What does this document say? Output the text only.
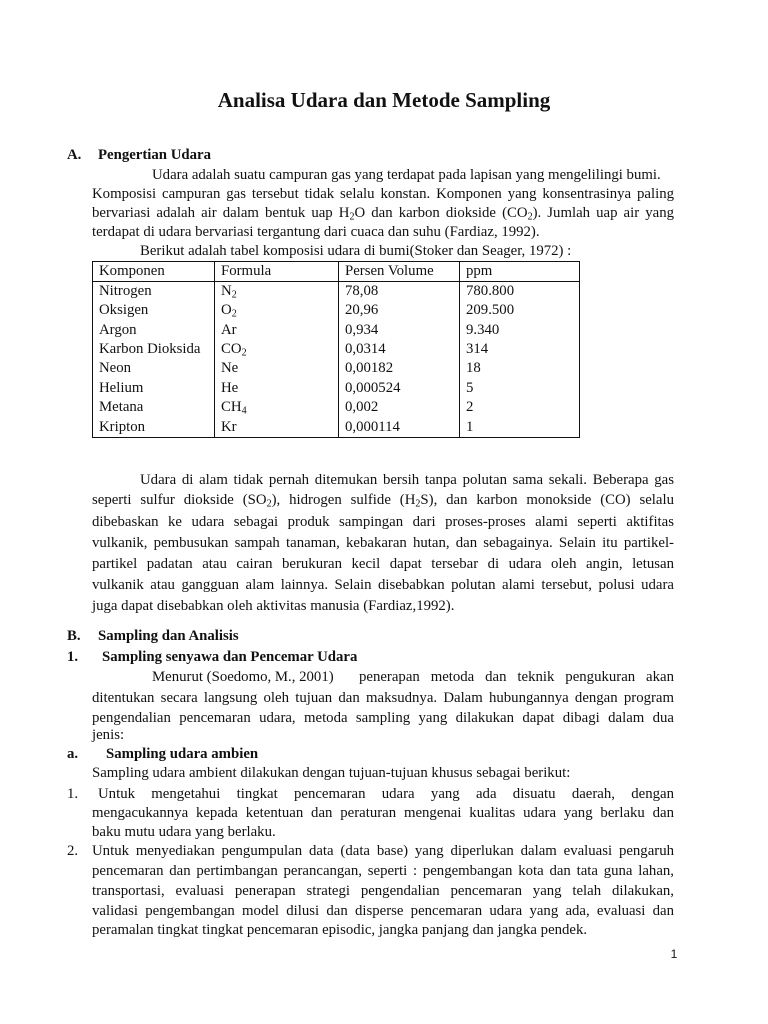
Analisa Udara dan Metode Sampling
A. Pengertian Udara
Udara adalah suatu campuran gas yang terdapat pada lapisan yang mengelilingi bumi.
Komposisi campuran gas tersebut tidak selalu konstan. Komponen yang konsentrasinya paling
bervariasi adalah air dalam bentuk uap $H_2O$ dan karbon diokside $(CO_2)$. Jumlah uap air yang
terdapat di udara bervariasi tergantung dari cuaca dan suhu (Fardiaz, 1992).
Berikut adalah tabel komposisi udara di bumi(Stoker dan Seager, 1972) :
Komponen	Formula	Persen Volume	ppm
Nitrogen	$N_2$	78,08	780.800
Oksigen	$O_2$	20,96	209.500
Argon	Ar	0,934	9.340
Karbon Dioksida	$CO_2$	0,0314	314
Neon	Ne	0,00182	18
Helium	He	0,000524	5
Metana	$CH_4$	0,002	2
Kripton	Kr	0,000114	1
Udara di alam tidak pernah ditemukan bersih tanpa polutan sama sekali. Beberapa gas
seperti sulfur diokside $(SO_2)$, hidrogen sulfide $(H_2S)$, dan karbon monokside (CO) selalu
dibebaskan ke udara sebagai produk sampingan dari proses-proses alami seperti aktifitas
vulkanik, pembusukan sampah tanaman, kebakaran hutan, dan sebagainya. Selain itu partikel-
partikel padatan atau cairan berukuran kecil dapat tersebar di udara oleh angin, letusan
vulkanik atau gangguan alam lainnya. Selain disebabkan polutan alami tersebut, polusi udara
juga dapat disebabkan oleh aktivitas manusia (Fardiaz,1992).
B. Sampling dan Analisis
1. Sampling senyawa dan Pencemar Udara
Menurut (Soedomo, M., 2001) penerapan metoda dan teknik pengukuran akan
ditentukan secara langsung oleh tujuan dan maksudnya. Dalam hubungannya dengan program
pengendalian pencemaran udara, metoda sampling yang dilakukan dapat dibagi dalam dua
jenis:
a. Sampling udara ambien
Sampling udara ambient dilakukan dengan tujuan-tujuan khusus sebagai berikut:
1. Untuk mengetahui tingkat pencemaran udara yang ada disuatu daerah, dengan
mengacukannya kepada ketentuan dan peraturan mengenai kualitas udara yang berlaku dan
baku mutu udara yang berlaku.
2. Untuk menyediakan pengumpulan data (data base) yang diperlukan dalam evaluasi pengaruh
pencemaran dan pertimbangan perancangan, seperti : pengembangan kota dan tata guna lahan,
transportasi, evaluasi penerapan strategi pengendalian pencemaran yang telah dilakukan,
validasi pengembangan model dilusi dan disperse pencemaran udara yang ada, evaluasi dan
peramalan tingkat tingkat pencemaran episodic, jangka panjang dan jangka pendek.
1
